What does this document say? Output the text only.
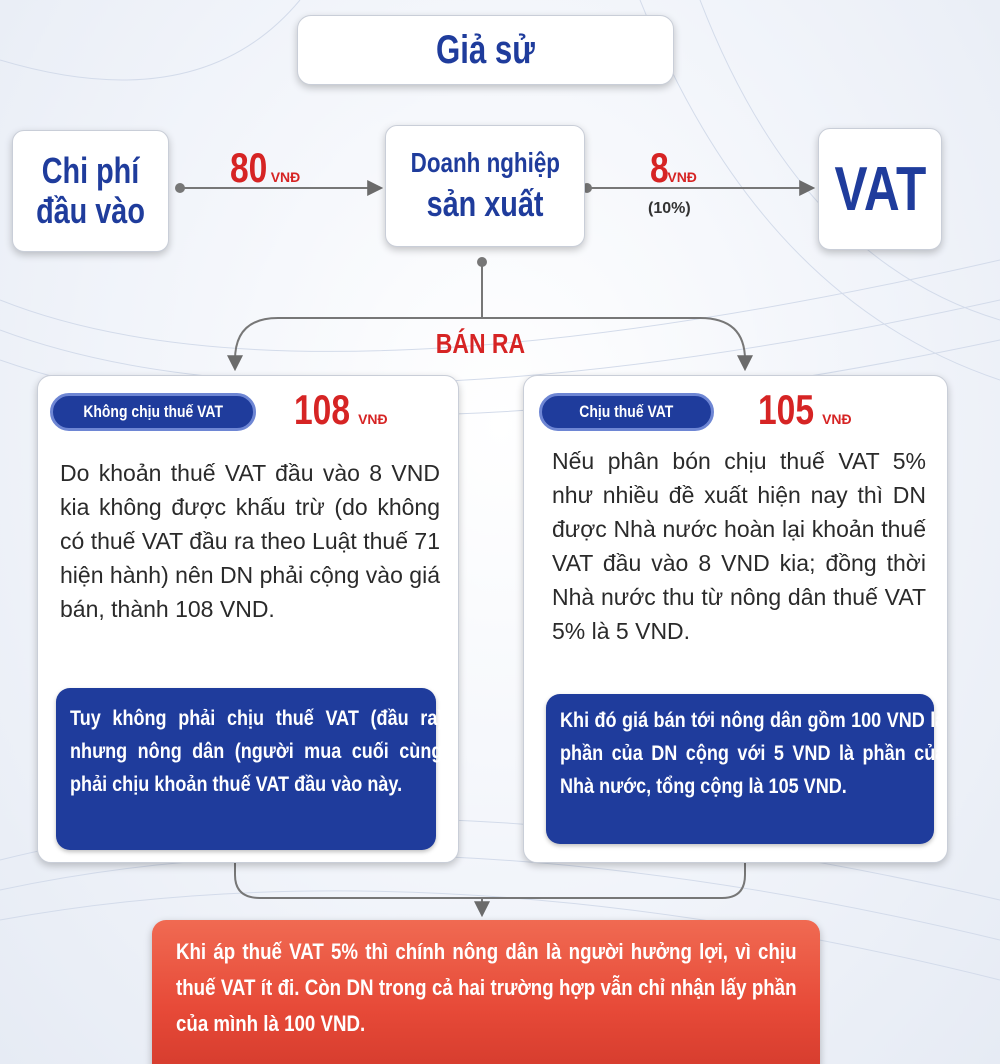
Giả sử
Chi phí đầu vào
80 VNĐ	Doanh nghiệp
sản xuất
8
VNĐ
(10%) VAT
BÁN RA
Không chịu thuế VAT 108 VNĐ
Do khoản thuế VAT đầu vào 8 VND kia không được khấu trừ (do không có thuế VAT đầu ra theo Luật thuế 71 hiện hành) nên DN phải cộng vào giá bán, thành 108 VND.
Tuy không phải chịu thuế VAT (đầu ra), nhưng nông dân (người mua cuối cùng) phải chịu khoản thuế VAT đầu vào này.
Chịu thuế VAT 105 VNĐ
Nếu phân bón chịu thuế VAT 5% như nhiều đề xuất hiện nay thì DN được Nhà nước hoàn lại khoản thuế VAT đầu vào 8 VND kia; đồng thời Nhà nước thu từ nông dân thuế VAT 5% là 5 VND.
Khi đó giá bán tới nông dân gồm 100 VND là phần của DN cộng với 5 VND là phần của Nhà nước, tổng cộng là 105 VND.
Khi áp thuế VAT 5% thì chính nông dân là người hưởng lợi, vì chịu thuế VAT ít đi. Còn DN trong cả hai trường hợp vẫn chỉ nhận lấy phần của mình là 100 VND.
